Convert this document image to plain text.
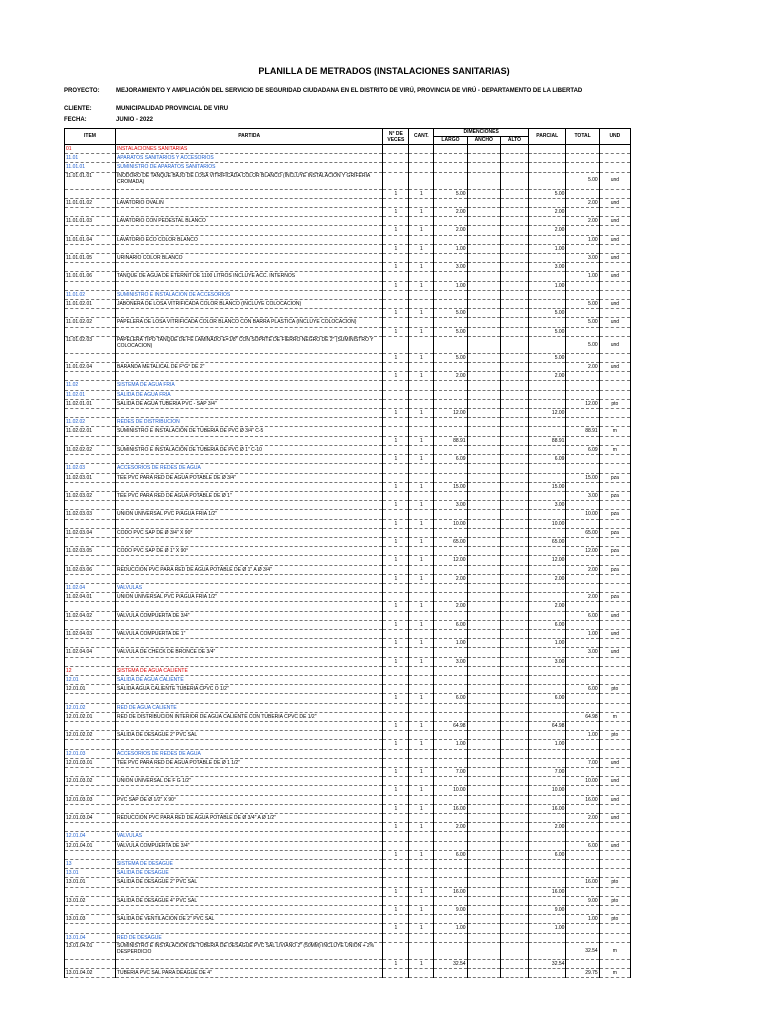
PLANILLA DE METRADOS (INSTALACIONES SANITARIAS)
PROYECTO:	MEJORAMIENTO Y AMPLIACIÓN DEL SERVICIO DE SEGURIDAD CIUDADANA EN EL DISTRITO DE VIRÚ, PROVINCIA DE VIRÚ - DEPARTAMENTO DE LA LIBERTAD
CLIENTE:	MUNICIPALIDAD PROVINCIAL DE VIRU
FECHA:	JUNIO - 2022
ITEM	PARTIDA	N° DE VECES	CANT.	DIMENCIONES			PARCIAL	TOTAL	UND
				LARGO	ANCHO	ALTO			
01	INSTALACIONES SANITARIAS								
11.01	APARATOS SANITARIOS Y ACCESORIOS								
11.01.01	SUMINISTRO DE APARATOS SANITARIOS								
11.01.01.01	INODORO DE TANQUE BAJO DE LOSA VITRIFICADA COLOR BLANCO (INCLUYE INSTALACIÓN Y GRIFERÍA CROMADA)							5.00	und
		1	1	5.00			5.00		
11.01.01.02	LAVATORIO OVALIN							2.00	und
		1	1	2.00			2.00		
11.01.01.03	LAVATORIO CON PEDESTAL BLANCO							2.00	und
		1	1	2.00			2.00		
11.01.01.04	LAVATORIO ECO COLOR BLANCO							1.00	und
		1	1	1.00			1.00		
11.01.01.05	URINARIO COLOR BLANCO							3.00	und
		1	1	3.00			3.00		
11.01.01.06	TANQUE DE AGUA DE ETERNIT DE 1100 LITROS INCLUYE ACC. INTERNOS							1.00	und
		1	1	1.00			1.00		
11.01.02	SUMINISTRO E INSTALACION DE ACCESORIOS								
11.01.02.01	JABONERA DE LOSA VITRIFICADA COLOR BLANCO (INCLUYE COLOCACION)							5.00	und
		1	1	5.00			5.00		
11.01.02.02	PAPELERA DE LOSA VITRIFICADA COLOR BLANCO CON BARRA PLASTICA (INCLUYE COLOCACION)							5.00	und
		1	1	5.00			5.00		
11.01.02.03	PAPELERA TIPO TANQUE DE FE LAMINADO E=1/8" CON SOPRTE DE FIERRO NEGRO DE 2" (SUMINISTRO Y COLOCACION)							5.00	und
		1	1	5.00			5.00		
11.01.02.04	BARANDA METALICAL DE F°G° DE 2"							2.00	und
		1	1	2.00			2.00		
11.02	SISTEMA DE AGUA FRIA								
11.02.01	SALIDA DE AGUA FRIA								
11.02.01.01	SALIDA DE AGUA TUBERIA PVC - SAP 3/4"							12.00	pto
		1	1	12.00			12.00		
11.02.02	REDES DE DISTRIBUCION								
11.02.02.01	SUMINISTRO E INSTALACIÓN DE TUBERIA DE PVC Ø 3/4" C-5							88.91	m
		1	1	88.91			88.91		
11.02.02.02	SUMINISTRO E INSTALACIÓN DE TUBERIA DE PVC Ø 1" C-10							6.09	m
		1	1	6.09			6.09		
11.02.03	ACCESORIOS DE REDES DE AGUA								
11.02.03.01	TEE PVC PARA RED DE AGUA POTABLE DE Ø 3/4"							15.00	pza
		1	1	15.00			15.00		
11.02.03.02	TEE PVC PARA RED DE AGUA POTABLE DE Ø 1"							3.00	pza
		1	1	3.00			3.00		
11.02.03.03	UNION UNIVERSAL PVC P/AGUA FRIA 1/2"							10.00	pza
		1	1	10.00			10.00		
11.02.03.04	CODO PVC SAP DE Ø 3/4" X 90°							65.00	pza
		1	1	65.00			65.00		
11.02.03.05	CODO PVC SAP DE Ø 1" X 90°							12.00	pza
		1	1	12.00			12.00		
11.02.03.06	REDUCCION PVC PARA RED DE AGUA POTABLE DE Ø 1" A Ø 3/4"							2.00	pza
		1	1	2.00			2.00		
11.02.04	VALVULAS								
11.02.04.01	UNION UNIVERSAL PVC P/AGUA FRIA 1/2"							2.00	pza
		1	1	2.00			2.00		
11.02.04.02	VALVULA COMPUERTA DE 3/4"							6.00	und
		1	1	6.00			6.00		
11.02.04.03	VALVULA COMPUERTA DE 1"							1.00	und
		1	1	1.00			1.00		
11.02.04.04	VALVULA DE CHECK DE BRONCE DE 3/4"							3.00	und
		1	1	3.00			3.00		
12	SISTEMA DE AGUA CALIENTE								
12.01	SALIDA DE AGUA CALIENTE								
12.01.01	SALIDA AGUA CALIENTE TUBERIA CPVC O 1/2"							6.00	pto
		1	1	6.00			6.00		
12.01.02	RED DE AGUA CALIENTE								
12.01.02.01	RED DE DISTRIBUCION INTERIOR DE AGUA CALIENTE CON TUBERIA CPVC DE 1/2"							64.98	m
		1	1	64.98			64.98		
12.01.02.02	SALIDA DE DESAGUE 2" PVC SAL							1.00	pto
		1	1	1.00			1.00		
12.01.03	ACCESORIOS DE REDES DE AGUA								
12.01.03.01	TEE PVC PARA RED DE AGUA POTABLE DE Ø 1 1/2"							7.00	und
		1	1	7.00			7.00		
12.01.03.02	UNION UNIVERSAL DE F G 1/2"							10.00	und
		1	1	10.00			10.00		
12.01.03.03	PVC SAP DE Ø 1/2" X 90°							16.00	und
		1	1	16.00			16.00		
12.01.03.04	REDUCCION PVC PARA RED DE AGUA POTABLE DE Ø 3/4" A Ø 1/2"							2.00	und
		1	1	2.00			2.00		
12.01.04	VALVULAS								
12.01.04.01	VALVULA COMPUERTA DE 3/4"							6.00	und
		1	1	6.00			6.00		
13	SISTEMA DE DESAGUE								
13.01	SALIDA DE DESAGUE								
13.01.01	SALIDA DE DESAGUE 2" PVC SAL							16.00	pto
		1	1	16.00			16.00		
13.01.02	SALIDA DE DESAGUE 4" PVC SAL							9.00	pto
		1	1	9.00			9.00		
13.01.03	SALIDA DE VENTILACION DE 2" PVC SAL							1.00	pto
		1	1	1.00			1.00		
13.01.04	RED DE DESAGUE								
13.01.04.01	SUMINISTRO E INSTALACIÓN DE TUBERÍA DE DESAGUE PVC SAL LIVIANO 2" (50MM) INCLUYE UNIÓN + 2% DESPERDICIO							32.54	m
		1	1	32.54			32.54		
13.01.04.02	TUBERIA PVC SAL PARA DEAGUE DE 4"							29.75	m
